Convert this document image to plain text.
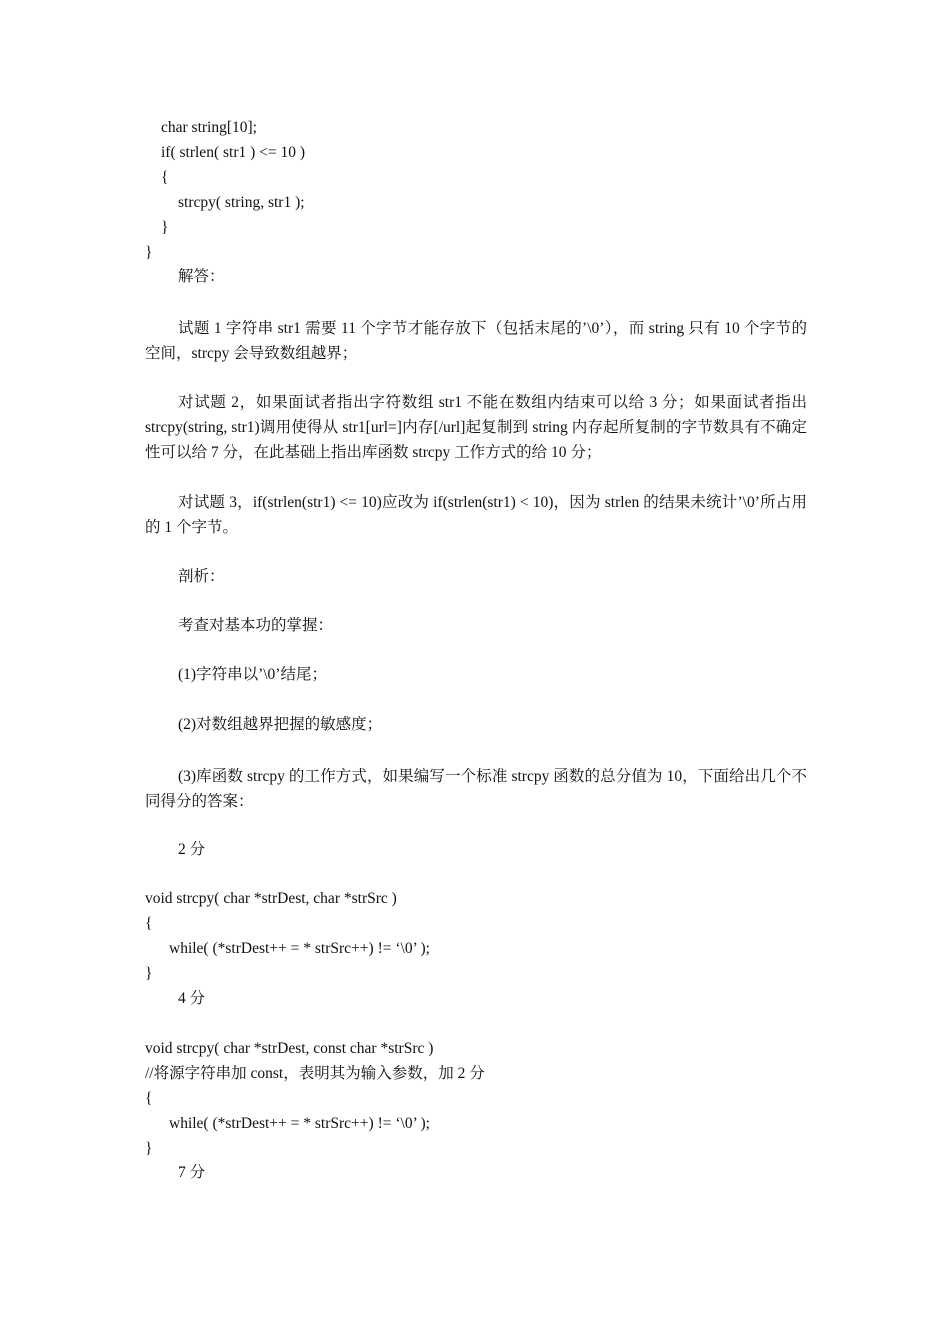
char string[10];

if( strlen( str1 ) <= 10 )

{

strcpy( string, str1 );

}

}

解答：

试题 1 字符串 str1 需要 11 个字节才能存放下（包括末尾的’\0’），而 string 只有 10 个字节的空间，strcpy 会导致数组越界；

对试题 2，如果面试者指出字符数组 str1 不能在数组内结束可以给 3 分；如果面试者指出 strcpy(string, str1)调用使得从 str1[url=]内存[/url]起复制到 string 内存起所复制的字节数具有不确定性可以给 7 分，在此基础上指出库函数 strcpy 工作方式的给 10 分；

对试题 3，if(strlen(str1) <= 10)应改为 if(strlen(str1) < 10)，因为 strlen 的结果未统计’\0’所占用的 1 个字节。

剖析：

考查对基本功的掌握：

(1)字符串以’\0’结尾；

(2)对数组越界把握的敏感度；

(3)库函数 strcpy 的工作方式，如果编写一个标准 strcpy 函数的总分值为 10，下面给出几个不同得分的答案：

2 分

void strcpy( char *strDest, char *strSrc )

{

while( (*strDest++ = * strSrc++) != ‘\0’ );

}

4 分

void strcpy( char *strDest, const char *strSrc )

//将源字符串加 const，表明其为输入参数，加 2 分

{

while( (*strDest++ = * strSrc++) != ‘\0’ );

}

7 分
